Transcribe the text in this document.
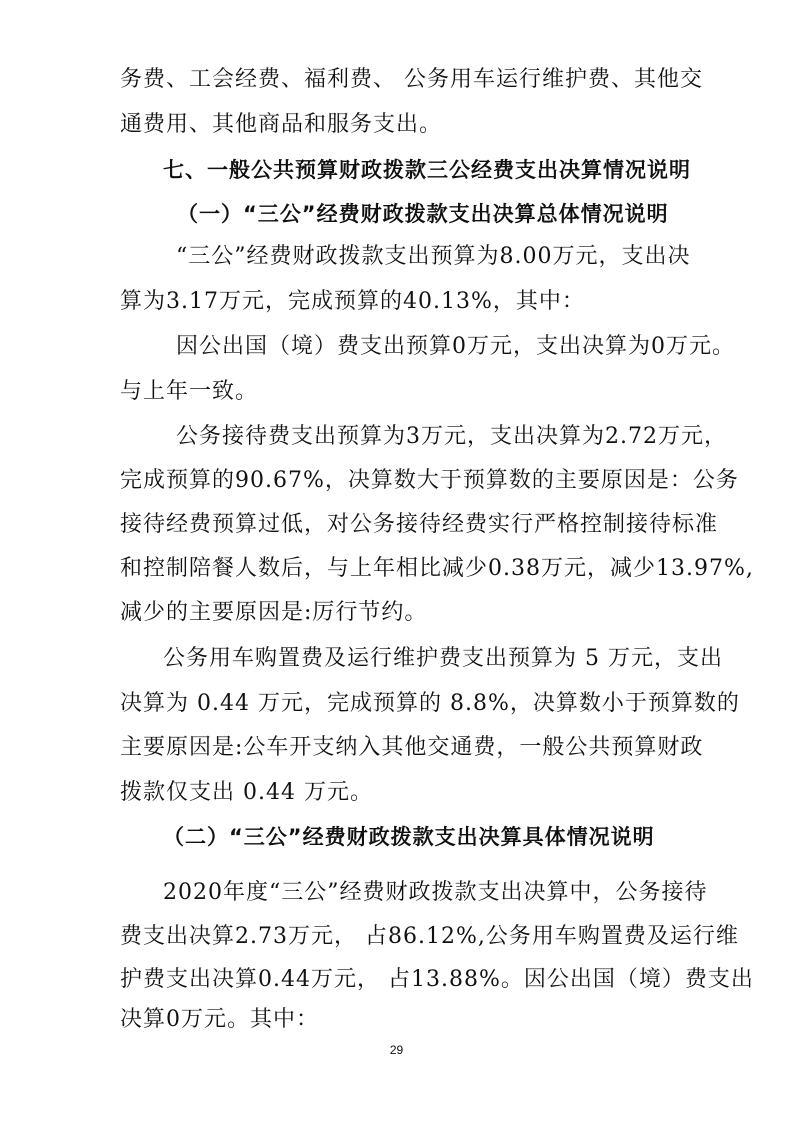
务费、工会经费、福利费、 公务用车运行维护费、其他交
通费用、其他商品和服务支出。
七、一般公共预算财政拨款三公经费支出决算情况说明
（一）“三公”经费财政拨款支出决算总体情况说明
“三公”经费财政拨款支出预算为8.00万元，支出决
算为3.17万元，完成预算的40.13%，其中：
因公出国（境）费支出预算0万元，支出决算为0万元。
与上年一致。
公务接待费支出预算为3万元，支出决算为2.72万元，
完成预算的90.67%，决算数大于预算数的主要原因是：公务
接待经费预算过低，对公务接待经费实行严格控制接待标准
和控制陪餐人数后，与上年相比减少0.38万元，减少13.97%,
减少的主要原因是:厉行节约。
公务用车购置费及运行维护费支出预算为 5 万元，支出
决算为 0.44 万元，完成预算的 8.8%，决算数小于预算数的
主要原因是:公车开支纳入其他交通费，一般公共预算财政
拨款仅支出 0.44 万元。
（二）“三公”经费财政拨款支出决算具体情况说明
2020年度“三公”经费财政拨款支出决算中，公务接待
费支出决算2.73万元， 占86.12%,公务用车购置费及运行维
护费支出决算0.44万元， 占13.88%。因公出国（境）费支出
决算0万元。其中：
29
